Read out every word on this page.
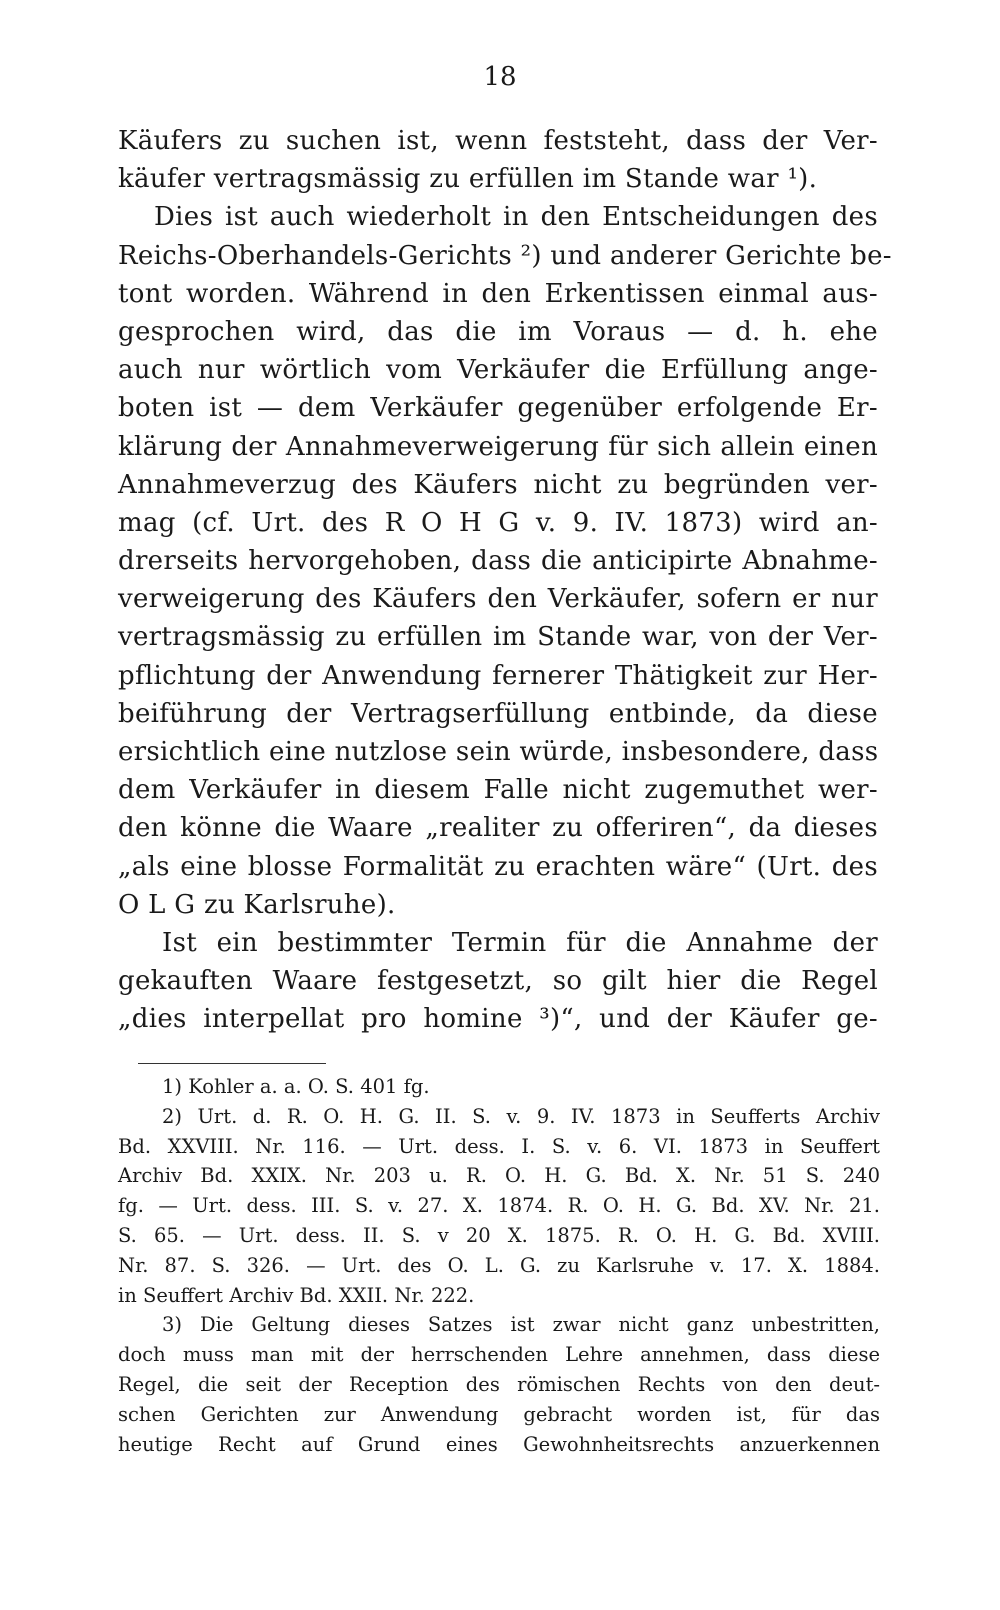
18
Käufers zu suchen ist, wenn feststeht, dass der Ver-
käufer vertragsmässig zu erfüllen im Stande war ¹).
Dies ist auch wiederholt in den Entscheidungen des
Reichs-Oberhandels-Gerichts ²) und anderer Gerichte be-
tont worden. Während in den Erkentissen einmal aus-
gesprochen wird, das die im Voraus — d. h. ehe
auch nur wörtlich vom Verkäufer die Erfüllung ange-
boten ist — dem Verkäufer gegenüber erfolgende Er-
klärung der Annahmeverweigerung für sich allein einen
Annahmeverzug des Käufers nicht zu begründen ver-
mag (cf. Urt. des R O H G v. 9. IV. 1873) wird an-
drerseits hervorgehoben, dass die anticipirte Abnahme-
verweigerung des Käufers den Verkäufer, sofern er nur
vertragsmässig zu erfüllen im Stande war, von der Ver-
pflichtung der Anwendung fernerer Thätigkeit zur Her-
beiführung der Vertragserfüllung entbinde, da diese
ersichtlich eine nutzlose sein würde, insbesondere, dass
dem Verkäufer in diesem Falle nicht zugemuthet wer-
den könne die Waare „realiter zu offeriren“, da dieses
„als eine blosse Formalität zu erachten wäre“ (Urt. des
O L G zu Karlsruhe).
Ist ein bestimmter Termin für die Annahme der
gekauften Waare festgesetzt, so gilt hier die Regel
„dies interpellat pro homine ³)“, und der Käufer ge-
1) Kohler a. a. O. S. 401 fg.
2) Urt. d. R. O. H. G. II. S. v. 9. IV. 1873 in Seufferts Archiv
Bd. XXVIII. Nr. 116. — Urt. dess. I. S. v. 6. VI. 1873 in Seuffert
Archiv Bd. XXIX. Nr. 203 u. R. O. H. G. Bd. X. Nr. 51 S. 240
fg. — Urt. dess. III. S. v. 27. X. 1874. R. O. H. G. Bd. XV. Nr. 21.
S. 65. — Urt. dess. II. S. v 20 X. 1875. R. O. H. G. Bd. XVIII.
Nr. 87. S. 326. — Urt. des O. L. G. zu Karlsruhe v. 17. X. 1884.
in Seuffert Archiv Bd. XXII. Nr. 222.
3) Die Geltung dieses Satzes ist zwar nicht ganz unbestritten,
doch muss man mit der herrschenden Lehre annehmen, dass diese
Regel, die seit der Reception des römischen Rechts von den deut-
schen Gerichten zur Anwendung gebracht worden ist, für das
heutige Recht auf Grund eines Gewohnheitsrechts anzuerkennen
